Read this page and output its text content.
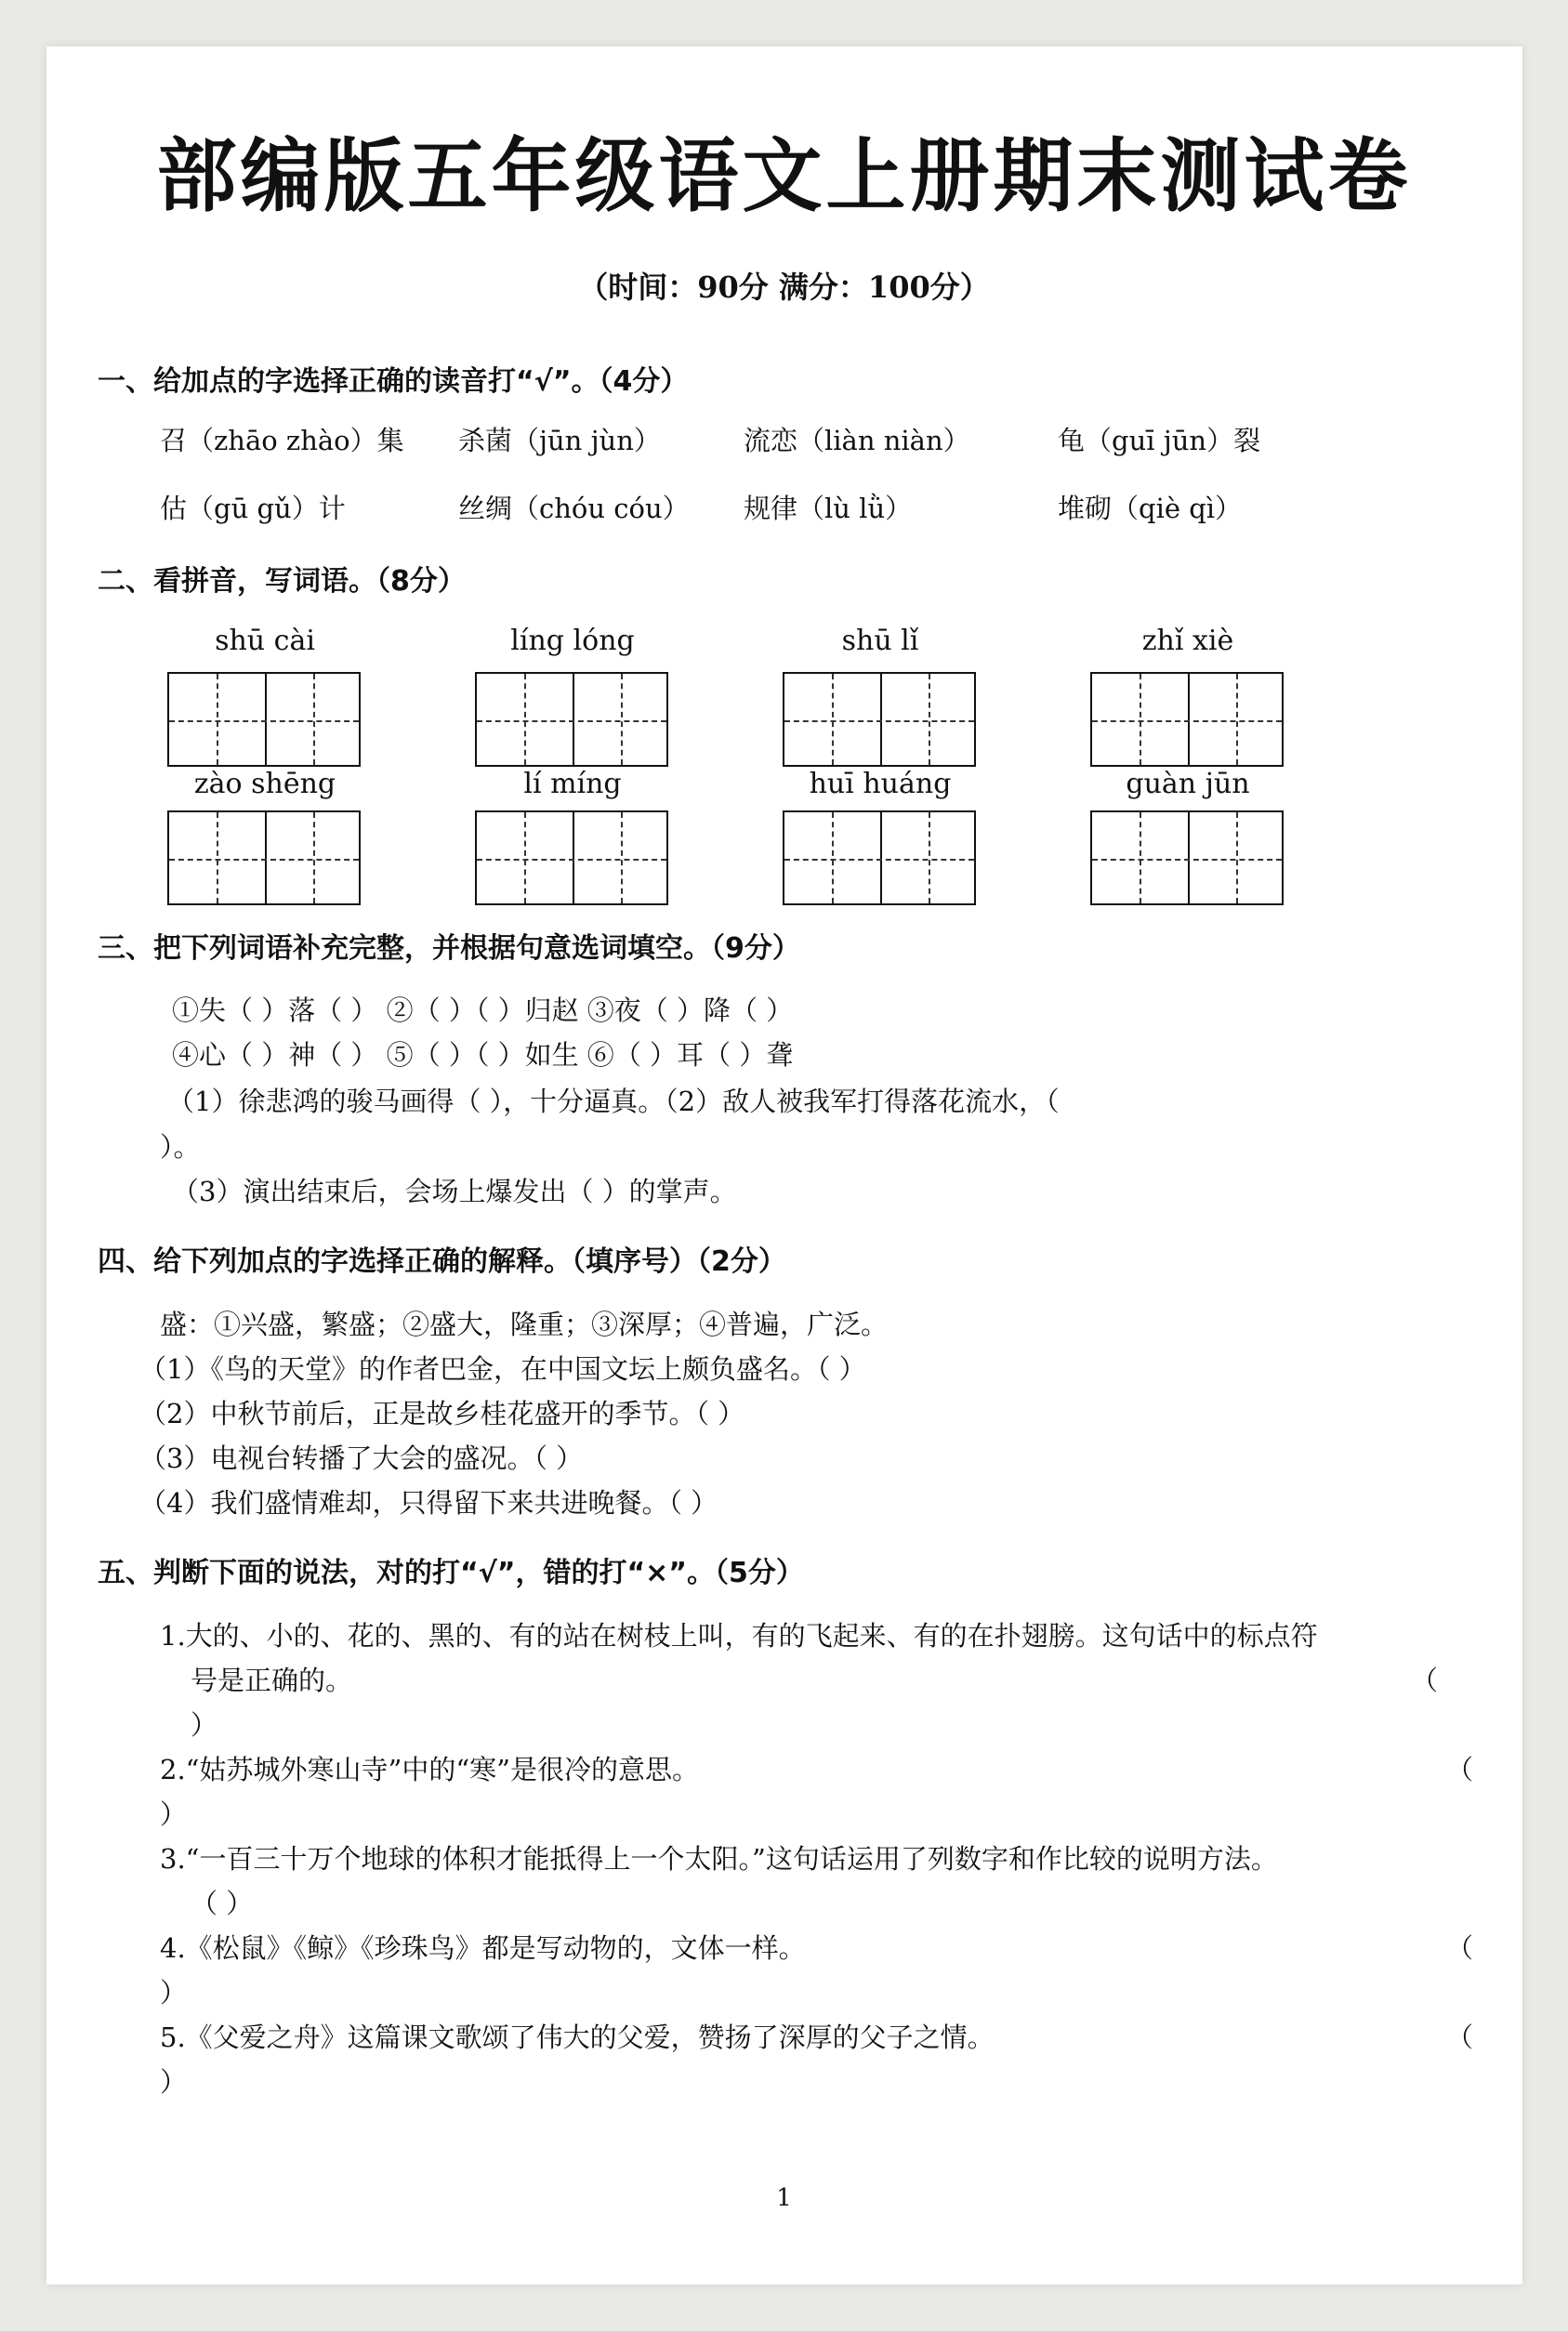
部编版五年级语文上册期末测试卷
（时间：90分 满分：100分）
一、给加点的字选择正确的读音打“√”。（4分）
召（zhāo zhào）集 杀菌（jūn jùn）	流恋（liàn niàn）	龟（guī jūn）裂
估（gū gǔ）计	丝绸（chóu cóu） 规律（lù lǜ）	堆砌（qiè qì）
二、看拼音，写词语。（8分）
shū cài	líng lóng	shū lǐ	zhǐ xiè
zào shēng	lí míng	huī huáng	guàn jūn
三、把下列词语补充完整，并根据句意选词填空。（9分）
①失（ ）落（ ） ②（ ）（ ）归赵 ③夜（ ）降（ ）
④心（ ）神（ ） ⑤（ ）（ ）如生 ⑥（ ）耳（ ）聋
（1）徐悲鸿的骏马画得（ ），十分逼真。（2）敌人被我军打得落花流水，（
）。
（3）演出结束后，会场上爆发出（ ）的掌声。
四、给下列加点的字选择正确的解释。（填序号）（2分）
盛：①兴盛，繁盛；②盛大，隆重；③深厚；④普遍，广泛。
（1）《鸟的天堂》的作者巴金，在中国文坛上颇负盛名。（ ）
（2）中秋节前后，正是故乡桂花盛开的季节。（ ）
（3）电视台转播了大会的盛况。（ ）
（4）我们盛情难却，只得留下来共进晚餐。（ ）
五、判断下面的说法，对的打“√”，错的打“×”。（5分）
1.大的、小的、花的、黑的、有的站在树枝上叫，有的飞起来、有的在扑翅膀。这句话中的标点符
号是正确的。	（
）
2.“姑苏城外寒山寺”中的“寒”是很冷的意思。	（
）
3.“一百三十万个地球的体积才能抵得上一个太阳。”这句话运用了列数字和作比较的说明方法。
（ ）
4.《松鼠》《鲸》《珍珠鸟》都是写动物的，文体一样。	（
）
5.《父爱之舟》这篇课文歌颂了伟大的父爱，赞扬了深厚的父子之情。	（
）
1
